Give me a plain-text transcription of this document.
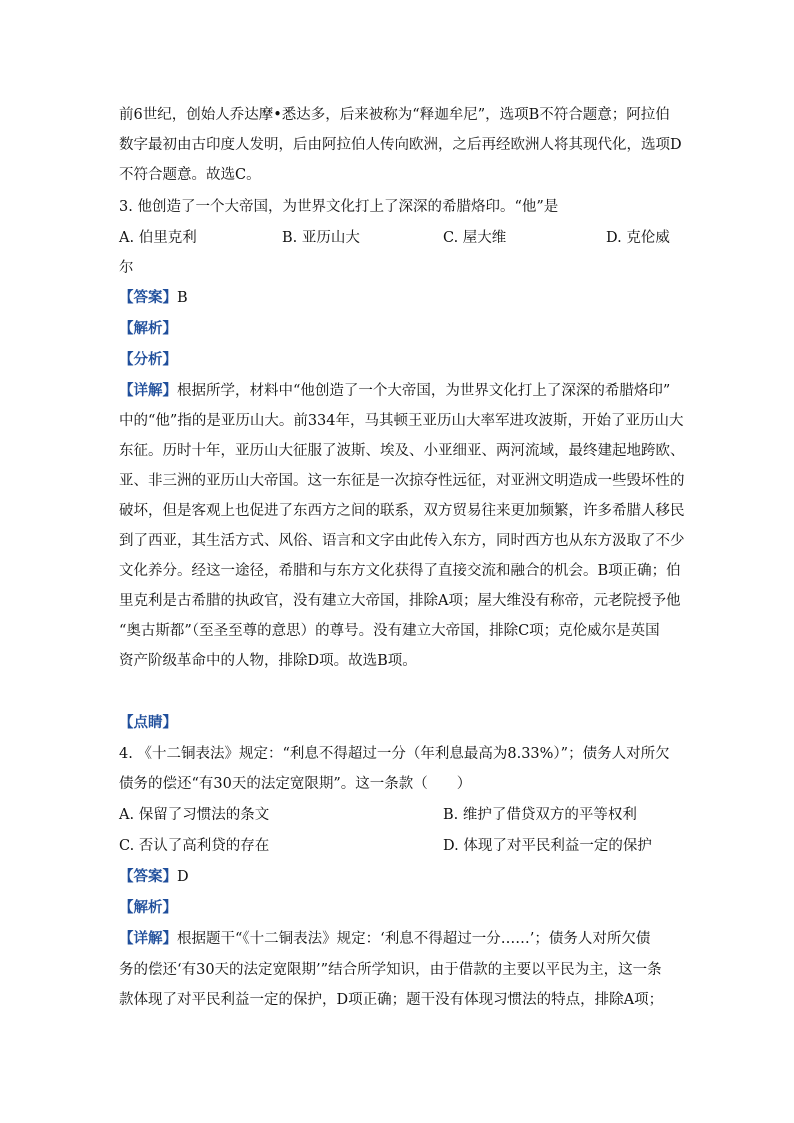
前6世纪，创始人乔达摩•悉达多，后来被称为“释迦牟尼”，选项B不符合题意；阿拉伯
数字最初由古印度人发明，后由阿拉伯人传向欧洲，之后再经欧洲人将其现代化，选项D
不符合题意。故选C。
3. 他创造了一个大帝国，为世界文化打上了深深的希腊烙印。“他”是
A. 伯里克利	B. 亚历山大	C. 屋大维	D. 克伦威
尔
【答案】B
【解析】
【分析】
【详解】根据所学，材料中“他创造了一个大帝国，为世界文化打上了深深的希腊烙印”
中的“他”指的是亚历山大。前334年，马其顿王亚历山大率军进攻波斯，开始了亚历山大
东征。历时十年，亚历山大征服了波斯、埃及、小亚细亚、两河流域，最终建起地跨欧、
亚、非三洲的亚历山大帝国。这一东征是一次掠夺性远征，对亚洲文明造成一些毁坏性的
破坏，但是客观上也促进了东西方之间的联系，双方贸易往来更加频繁，许多希腊人移民
到了西亚，其生活方式、风俗、语言和文字由此传入东方，同时西方也从东方汲取了不少
文化养分。经这一途径，希腊和与东方文化获得了直接交流和融合的机会。B项正确；伯
里克利是古希腊的执政官，没有建立大帝国，排除A项；屋大维没有称帝，元老院授予他
“奥古斯都”（至圣至尊的意思）的尊号。没有建立大帝国，排除C项；克伦威尔是英国
资产阶级革命中的人物，排除D项。故选B项。
【点睛】
4. 《十二铜表法》规定：“利息不得超过一分（年利息最高为8.33%）”；债务人对所欠
债务的偿还“有30天的法定宽限期”。这一条款（　　）
A. 保留了习惯法的条文	B. 维护了借贷双方的平等权利
C. 否认了高利贷的存在	D. 体现了对平民利益一定的保护
【答案】D
【解析】
【详解】根据题干“《十二铜表法》规定：‘利息不得超过一分……’；债务人对所欠债
务的偿还‘有30天的法定宽限期’”结合所学知识，由于借款的主要以平民为主，这一条
款体现了对平民利益一定的保护，D项正确；题干没有体现习惯法的特点，排除A项；
